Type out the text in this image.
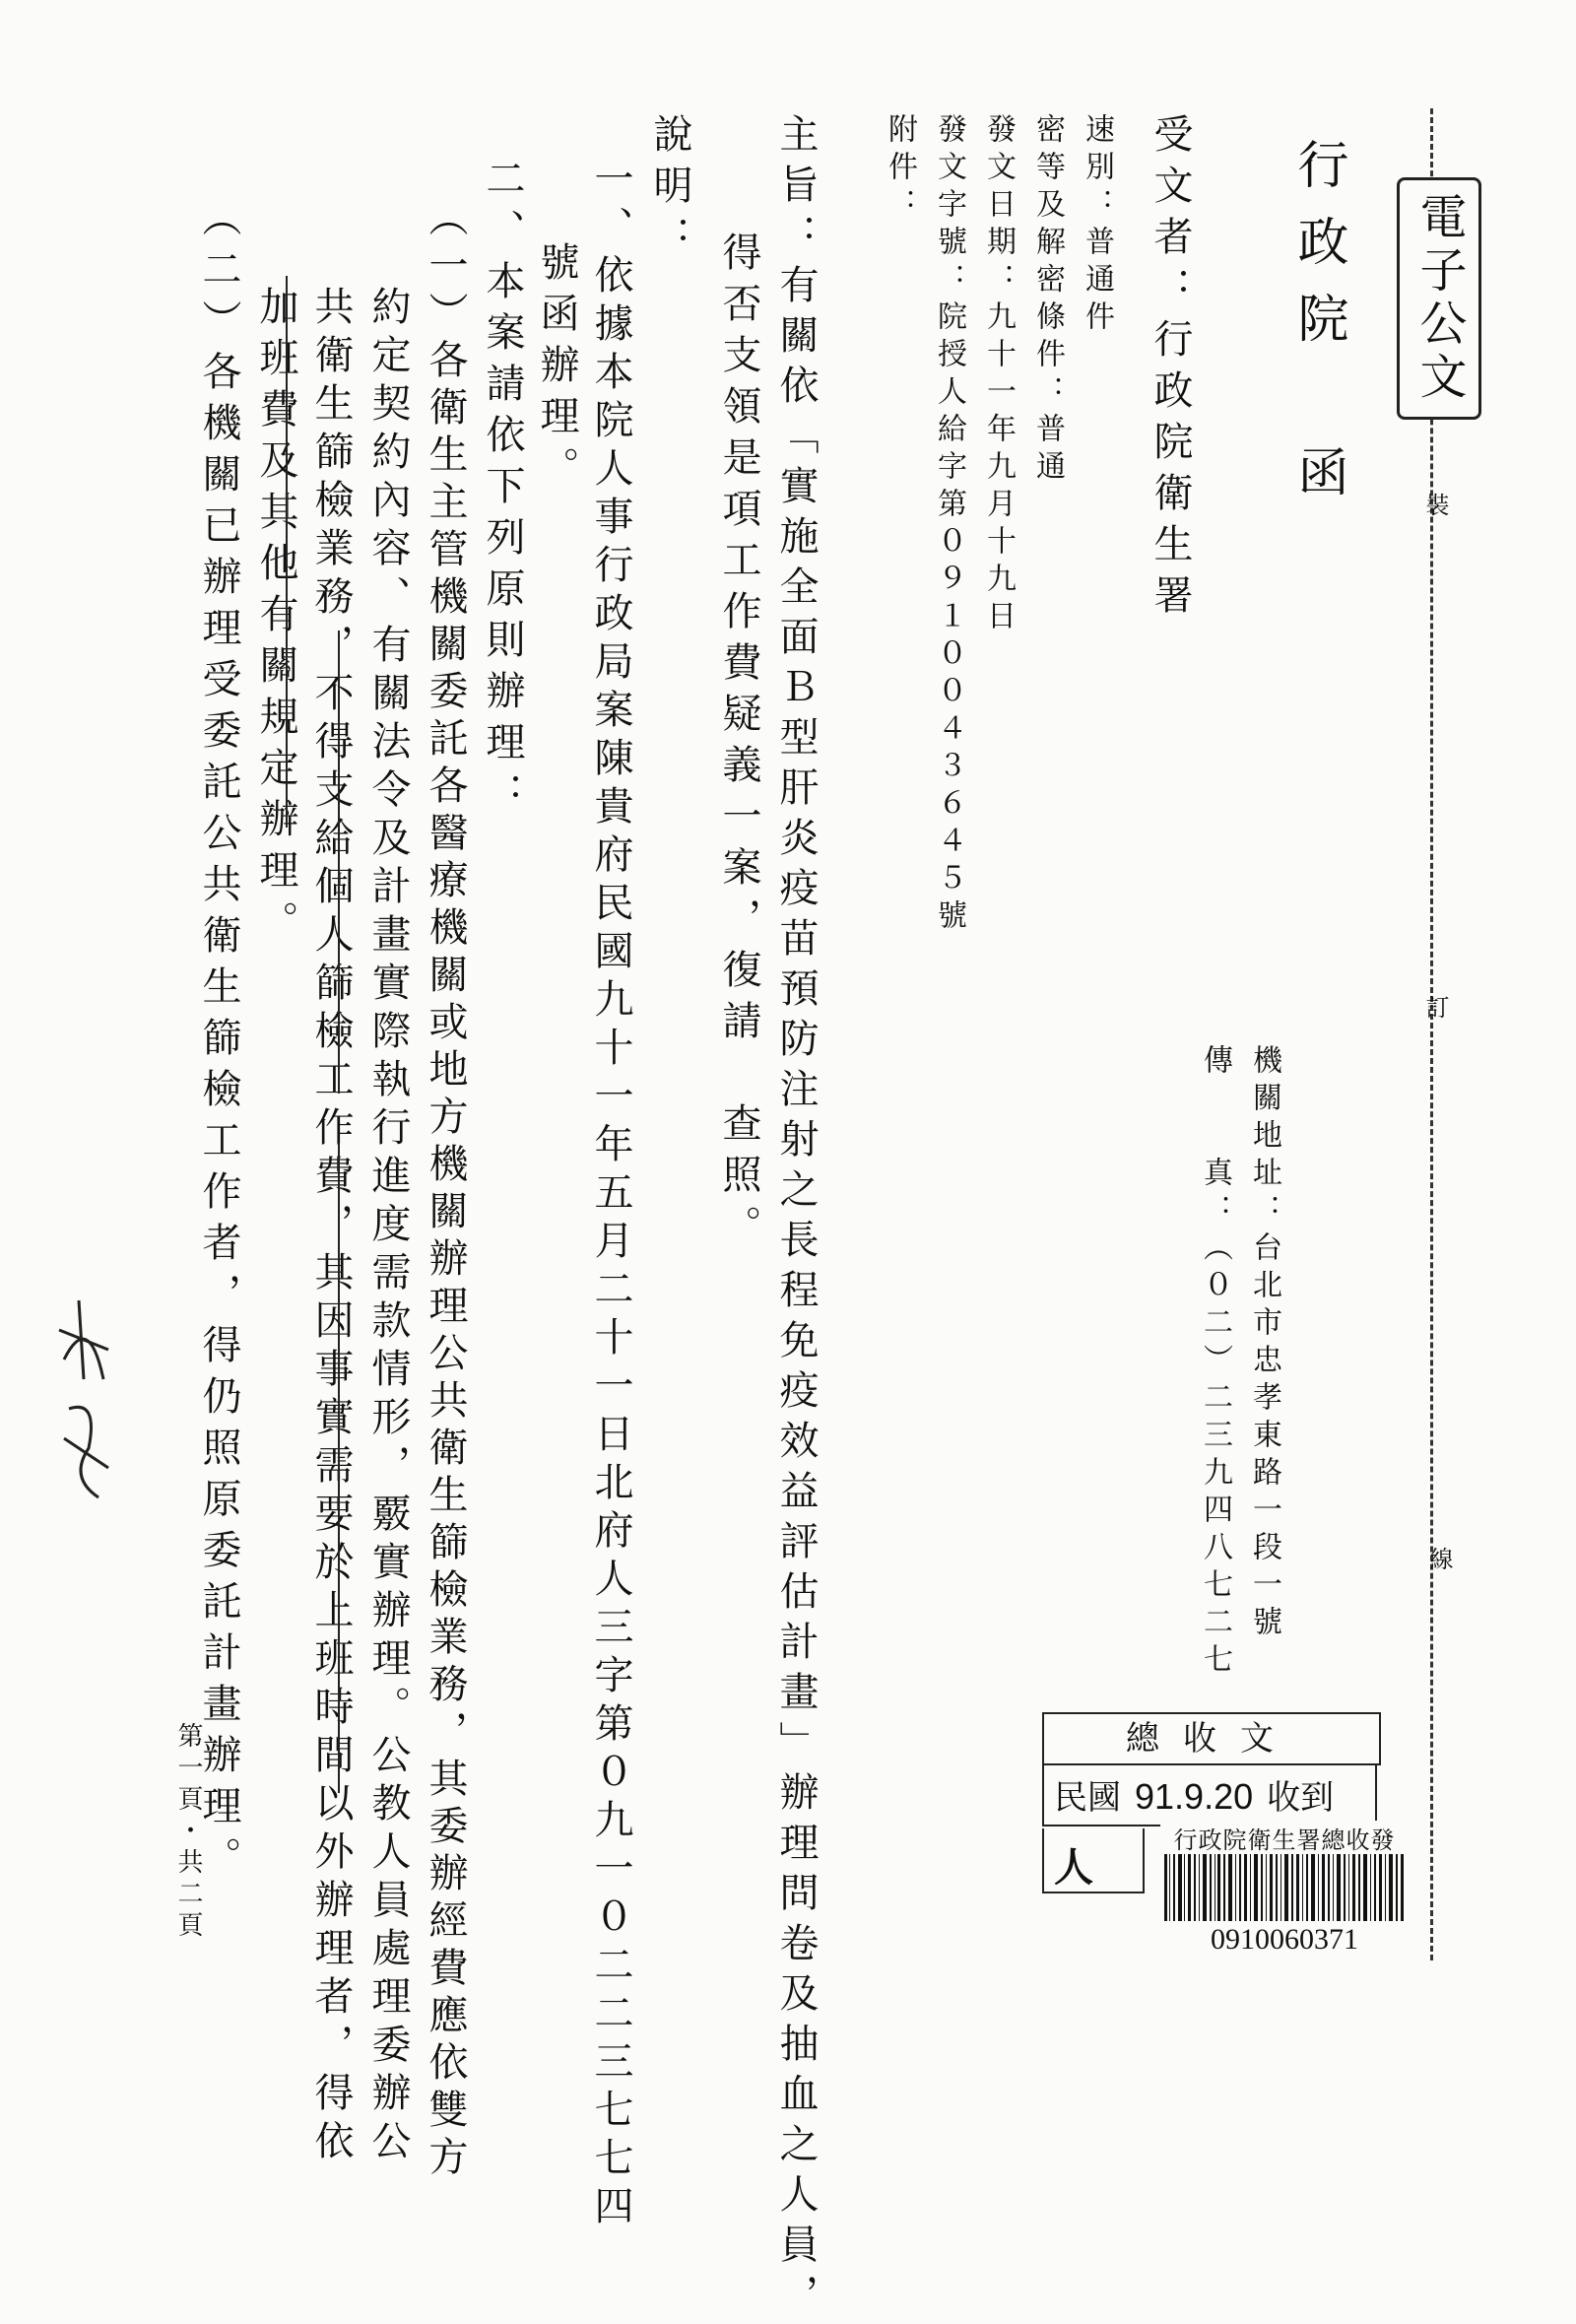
裝
訂
線
電子公文
行政院　函
受文者：行政院衛生署
速別：普通件
密等及解密條件：普通
發文日期：九十一年九月十九日
發文字號：院授人給字第０９１００４３６４５號
附件：
機關地址：台北市忠孝東路一段一號
傳　　真：（０二）二三九四八七二七
主旨：有關依「實施全面Ｂ型肝炎疫苗預防注射之長程免疫效益評估計畫」辦理問卷及抽血之人員，
得否支領是項工作費疑義一案，復請　查照。
說明：
一、依據本院人事行政局案陳貴府民國九十一年五月二十一日北府人三字第０九一０二二三七七四
號函辦理。
二、本案請依下列原則辦理：
（一）各衛生主管機關委託各醫療機關或地方機關辦理公共衛生篩檢業務，其委辦經費應依雙方
約定契約內容、有關法令及計畫實際執行進度需款情形，覈實辦理。公教人員處理委辦公
共衛生篩檢業務，不得支給個人篩檢工作費，其因事實需要於上班時間以外辦理者，得依
加班費及其他有關規定辦理。
（二）各機關已辦理受委託公共衛生篩檢工作者，得仍照原委託計畫辦理。
第一頁・共二頁	總收文
民國 91.9.20 收到
人
行政院衛生署總收發
0910060371
